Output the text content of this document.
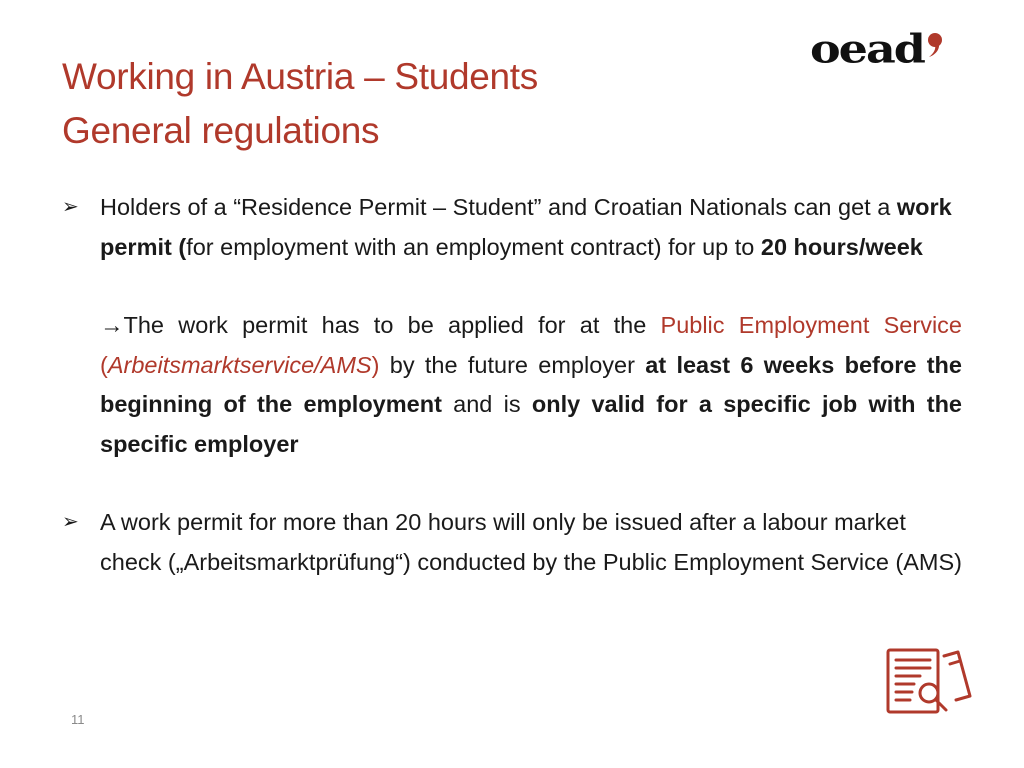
Working in Austria – Students
General regulations
oead
➢ Holders of a “Residence Permit – Student” and Croatian Nationals can get a work permit (for employment with an employment contract) for up to 20 hours/week
→The work permit has to be applied for at the Public Employment Service (Arbeitsmarktservice/AMS) by the future employer at least 6 weeks before the beginning of the employment and is only valid for a specific job with the specific employer
➢ A work permit for more than 20 hours will only be issued after a labour market check („Arbeitsmarktprüfung“) conducted by the Public Employment Service (AMS)
11
